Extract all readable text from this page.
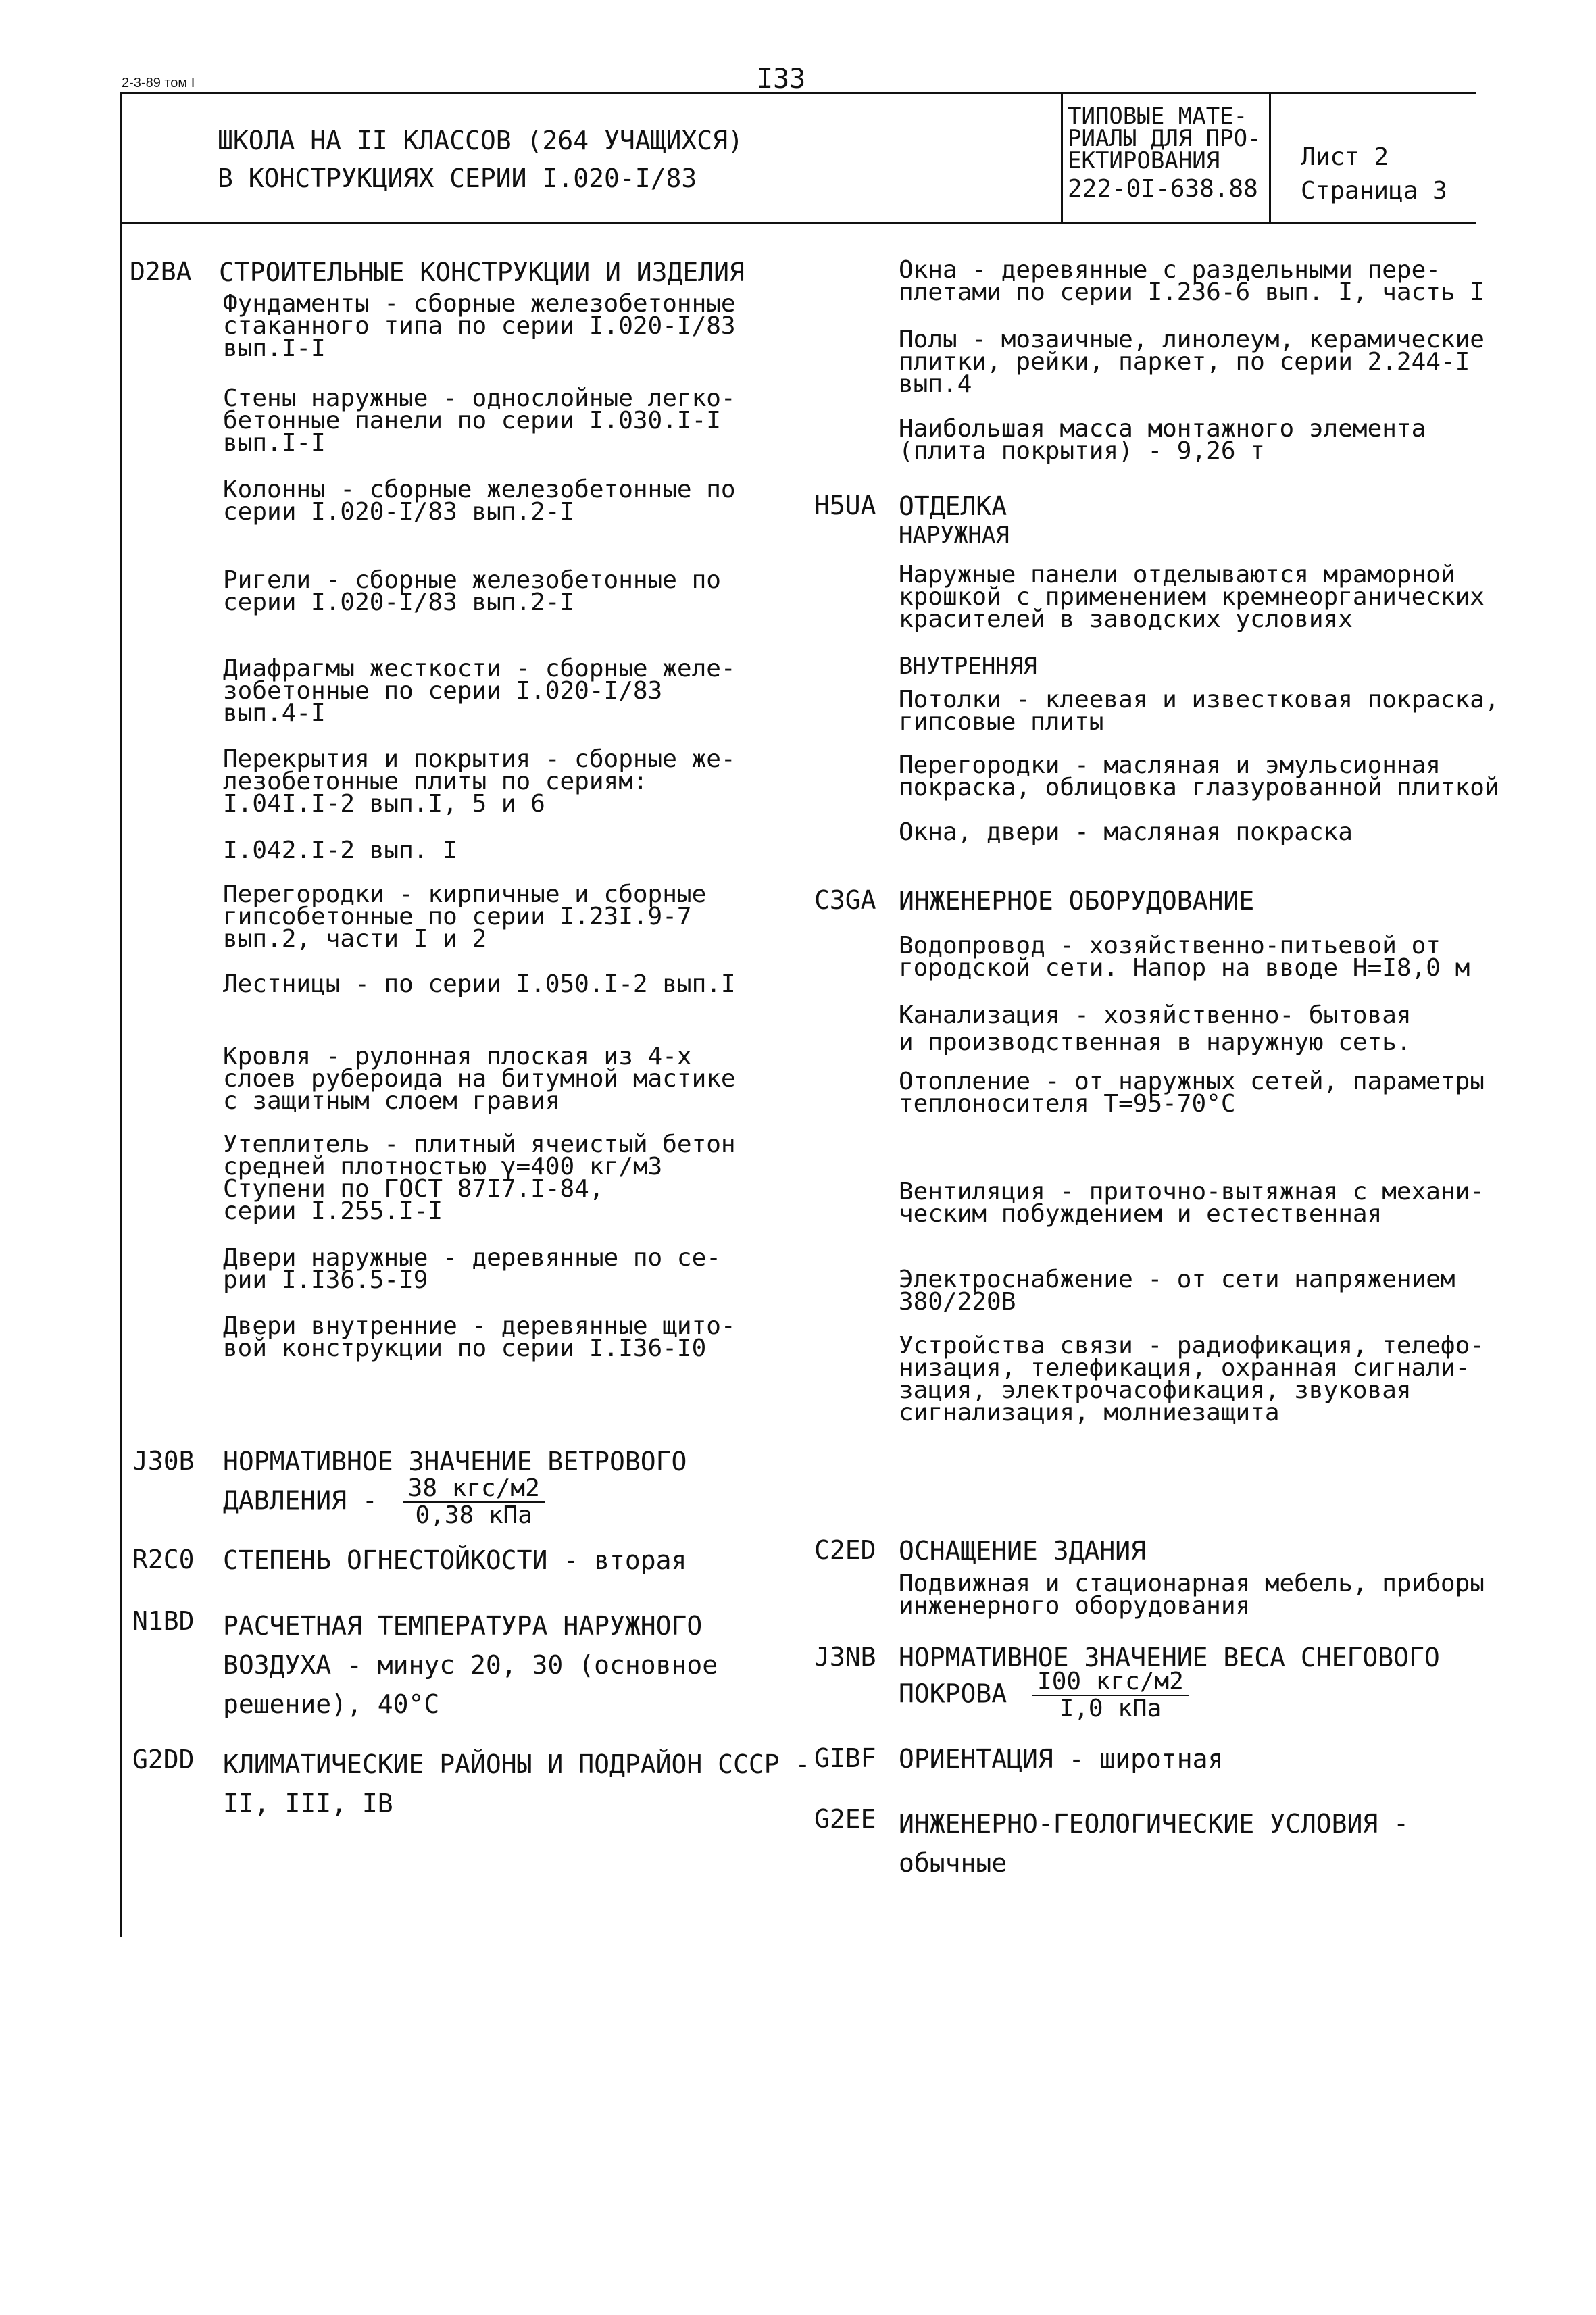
2-3-89 том I	I33
ШКОЛА НА II КЛАССОВ (264 УЧАЩИХСЯ)
В КОНСТРУКЦИЯХ СЕРИИ I.020-I/83
ТИПОВЫЕ МАТЕ-
РИАЛЫ ДЛЯ ПРО-
ЕКТИРОВАНИЯ
222-0I-638.88
Лист 2
Страница 3
D2BA СТРОИТЕЛЬНЫЕ КОНСТРУКЦИИ И ИЗДЕЛИЯ
Фундаменты - сборные железобетонные
стаканного типа по серии I.020-I/83
вып.I-I
Стены наружные - однослойные легко-
бетонные панели по серии I.030.I-I
вып.I-I
Колонны - сборные железобетонные по
серии I.020-I/83 вып.2-I
Ригели - сборные железобетонные по
серии I.020-I/83 вып.2-I
Диафрагмы жесткости - сборные желе-
зобетонные по серии I.020-I/83
вып.4-I
Перекрытия и покрытия - сборные же-
лезобетонные плиты по сериям:
I.04I.I-2 вып.I, 5 и 6
I.042.I-2 вып. I
Перегородки - кирпичные и сборные
гипсобетонные по серии I.23I.9-7
вып.2, части I и 2
Лестницы - по серии I.050.I-2 вып.I
Кровля - рулонная плоская из 4-х
слоев рубероида на битумной мастике
с защитным слоем гравия
Утеплитель - плитный ячеистый бетон
средней плотностью γ=400 кг/м3
Ступени по ГОСТ 87I7.I-84,
серии I.255.I-I
Двери наружные - деревянные по се-
рии I.I36.5-I9
Двери внутренние - деревянные щито-
вой конструкции по серии I.I36-I0
J30B НОРМАТИВНОЕ ЗНАЧЕНИЕ ВЕТРОВОГО
ДАВЛЕНИЯ - $\frac{\text{38 кгс/м2}}{\text{0,38 кПа}}$
R2C0 СТЕПЕНЬ ОГНЕСТОЙКОСТИ - вторая
N1BD РАСЧЕТНАЯ ТЕМПЕРАТУРА НАРУЖНОГО
ВОЗДУХА - минус 20, 30 (основное
решение), 40°C
G2DD КЛИМАТИЧЕСКИЕ РАЙОНЫ И ПОДРАЙОН СССР -
II, III, IB
Окна - деревянные с раздельными пере-
плетами по серии I.236-6 вып. I, часть I
Полы - мозаичные, линолеум, керамические
плитки, рейки, паркет, по серии 2.244-I
вып.4
Наибольшая масса монтажного элемента
(плита покрытия) - 9,26 т
H5UA ОТДЕЛКА
НАРУЖНАЯ
Наружные панели отделываются мраморной
крошкой с применением кремнеорганических
красителей в заводских условиях
ВНУТРЕННЯЯ
Потолки - клеевая и известковая покраска,
гипсовые плиты
Перегородки - масляная и эмульсионная
покраска, облицовка глазурованной плиткой
Окна, двери - масляная покраска
C3GA ИНЖЕНЕРНОЕ ОБОРУДОВАНИЕ
Водопровод - хозяйственно-питьевой от
городской сети. Напор на вводе H=I8,0 м
Канализация - хозяйственно- бытовая
и производственная в наружную сеть.
Отопление - от наружных сетей, параметры
теплоносителя T=95-70°C
Вентиляция - приточно-вытяжная с механи-
ческим побуждением и естественная
Электроснабжение - от сети напряжением
380/220В
Устройства связи - радиофикация, телефо-
низация, телефикация, охранная сигнали-
зация, электрочасофикация, звуковая
сигнализация, молниезащита
C2ED ОСНАЩЕНИЕ ЗДАНИЯ
Подвижная и стационарная мебель, приборы
инженерного оборудования
J3NB НОРМАТИВНОЕ ЗНАЧЕНИЕ ВЕСА СНЕГОВОГО
ПОКРОВА $\frac{\text{I00 кгс/м2}}{\text{I,0 кПа}}$
GIBF ОРИЕНТАЦИЯ - широтная
G2EE ИНЖЕНЕРНО-ГЕОЛОГИЧЕСКИЕ УСЛОВИЯ -
обычные
